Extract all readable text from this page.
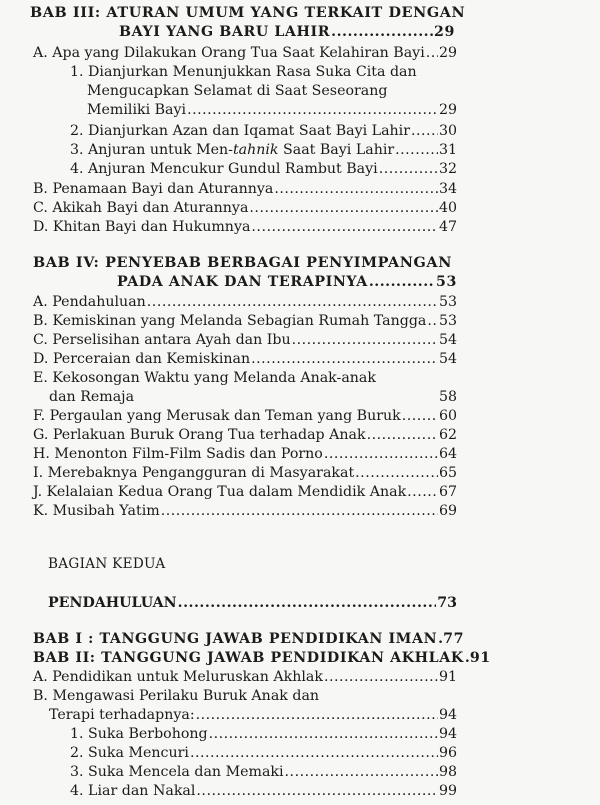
BAB III: ATURAN UMUM YANG TERKAIT DENGAN
BAYI YANG BARU LAHIR .....	29
A. Apa yang Dilakukan Orang Tua Saat Kelahiran Bayi ..... 29
1. Dianjurkan Menunjukkan Rasa Suka Cita dan
Mengucapkan Selamat di Saat Seseorang
Memiliki Bayi .....	29
2. Dianjurkan Azan dan Iqamat Saat Bayi Lahir ..... 30
3. Anjuran untuk Men-tahnik Saat Bayi Lahir .....	31
4. Anjuran Mencukur Gundul Rambut Bayi .....	32
B. Penamaan Bayi dan Aturannya .....	34
C. Akikah Bayi dan Aturannya .....	40
D. Khitan Bayi dan Hukumnya .....	47
BAB IV: PENYEBAB BERBAGAI PENYIMPANGAN
PADA ANAK DAN TERAPINYA .....	53
A. Pendahuluan .....	53
B. Kemiskinan yang Melanda Sebagian Rumah Tangga ..... 53
C. Perselisihan antara Ayah dan Ibu .....	54
D. Perceraian dan Kemiskinan .....	54
E. Kekosongan Waktu yang Melanda Anak-anak
dan Remaja	58
F. Pergaulan yang Merusak dan Teman yang Buruk .....	60
G. Perlakuan Buruk Orang Tua terhadap Anak .....	62
H. Menonton Film-Film Sadis dan Porno .....	64
I. Merebaknya Pengangguran di Masyarakat .....	65
J. Kelalaian Kedua Orang Tua dalam Mendidik Anak ..... 67
K. Musibah Yatim .....	69
BAGIAN KEDUA
PENDAHULUAN .....	73
BAB I : TANGGUNG JAWAB PENDIDIKAN IMAN ..... 77
BAB II: TANGGUNG JAWAB PENDIDIKAN AKHLAK ..... 91
A. Pendidikan untuk Meluruskan Akhlak .....	91
B. Mengawasi Perilaku Buruk Anak dan
Terapi terhadapnya: .....	94
1. Suka Berbohong .....	94
2. Suka Mencuri .....	96
3. Suka Mencela dan Memaki .....	98
4. Liar dan Nakal .....	99
